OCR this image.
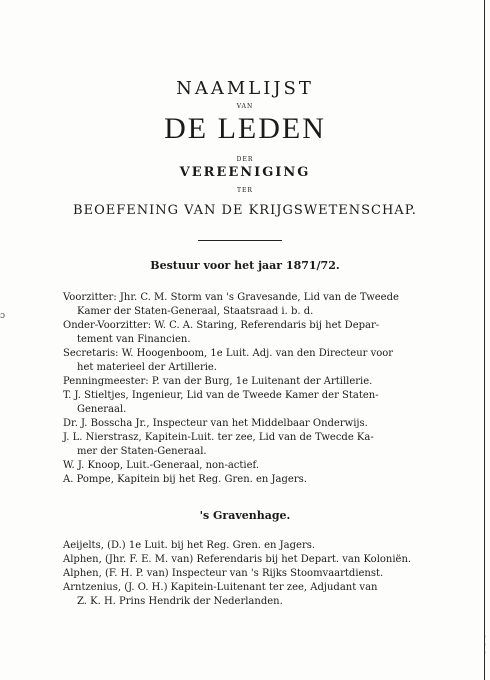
ɔ
' ' '

NAAMLIJST

VAN

DE LEDEN

DER

VEREENIGING

TER

BEOEFENING VAN DE KRIJGSWETENSCHAP.

Bestuur voor het jaar 1871/72.

Voorzitter: Jhr. C. M. Storm van 's Gravesande, Lid van de Tweede
Kamer der Staten-Generaal, Staatsraad i. b. d.
Onder-Voorzitter: W. C. A. Staring, Referendaris bij het Depar-
tement van Financien.
Secretaris: W. Hoogenboom, 1e Luit. Adj. van den Directeur voor
het materieel der Artillerie.
Penningmeester: P. van der Burg, 1e Luitenant der Artillerie.
T. J. Stieltjes, Ingenieur, Lid van de Tweede Kamer der Staten-
Generaal.
Dr. J. Bosscha Jr., Inspecteur van het Middelbaar Onderwijs.
J. L. Nierstrasz, Kapitein-Luit. ter zee, Lid van de Twecde Ka-
mer der Staten-Generaal.
W. J. Knoop, Luit.-Generaal, non-actief.
A. Pompe, Kapitein bij het Reg. Gren. en Jagers.

's Gravenhage.

Aeijelts, (D.) 1e Luit. bij het Reg. Gren. en Jagers.
Alphen, (Jhr. F. E. M. van) Referendaris bij het Depart. van Koloniën.
Alphen, (F. H. P. van) Inspecteur van 's Rijks Stoomvaartdienst.
Arntzenius, (J. O. H.) Kapitein-Luitenant ter zee, Adjudant van
Z. K. H. Prins Hendrik der Nederlanden.
